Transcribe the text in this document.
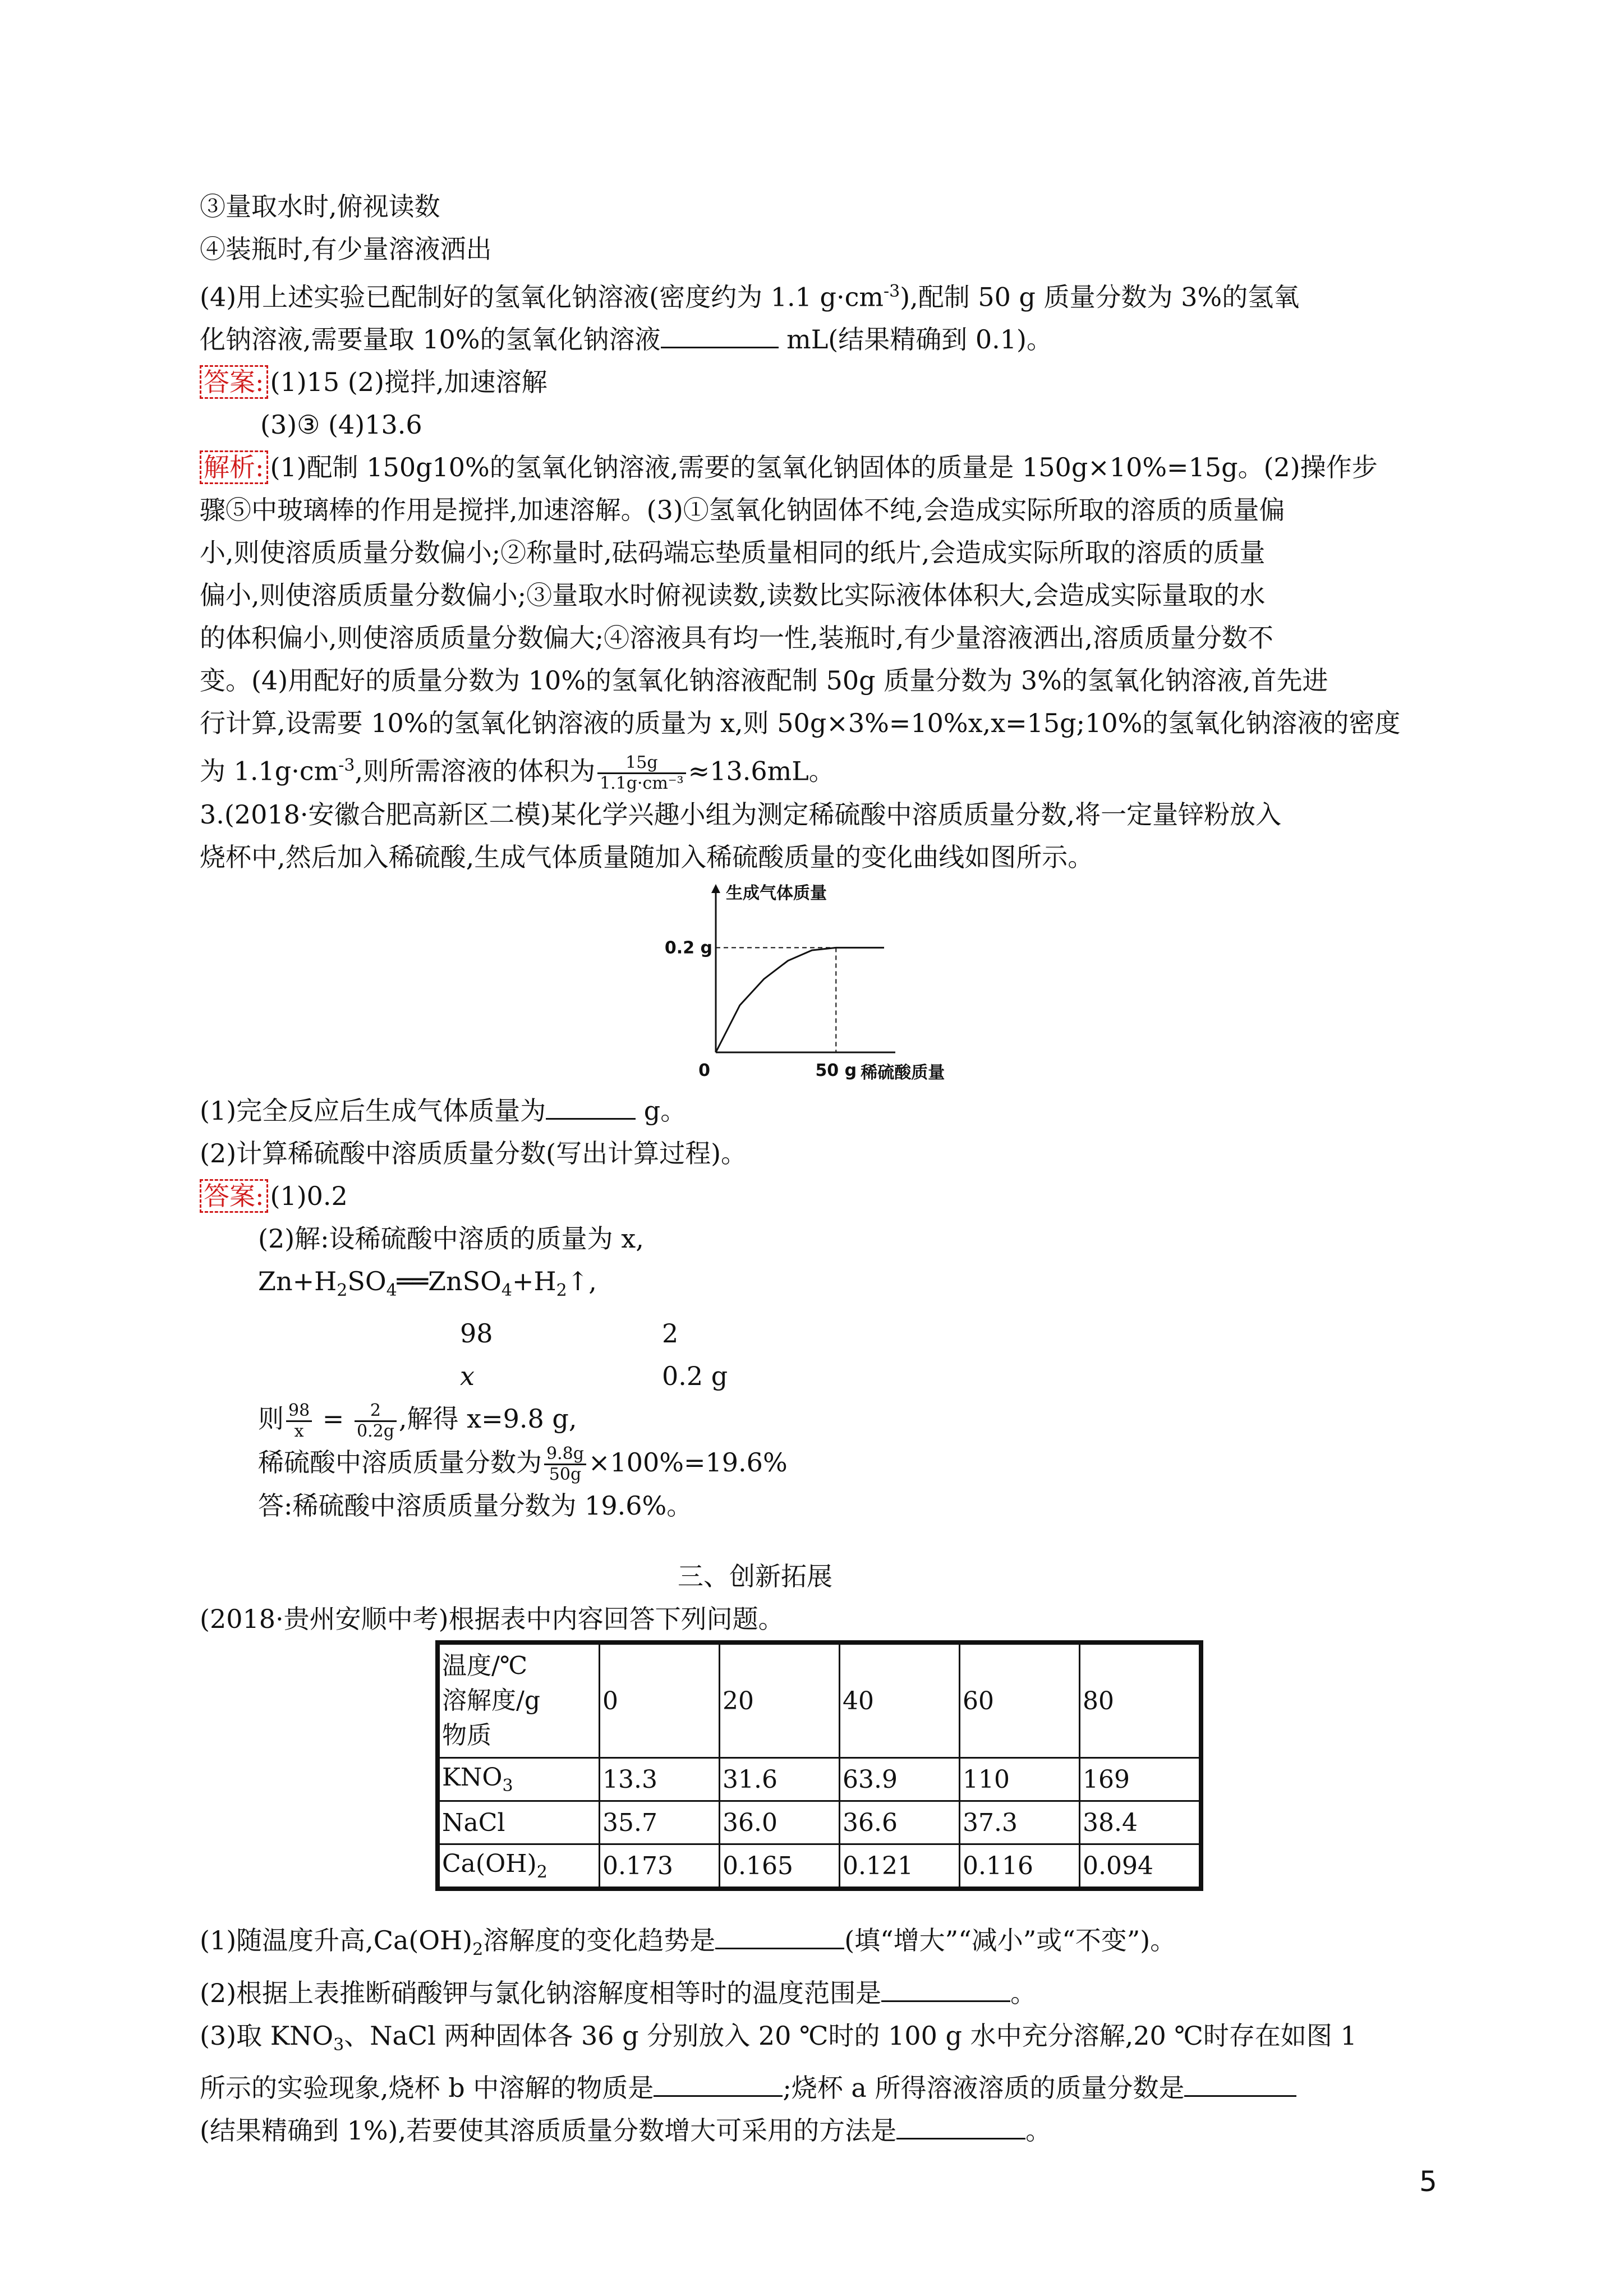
③量取水时,俯视读数
④装瓶时,有少量溶液洒出
(4)用上述实验已配制好的氢氧化钠溶液(密度约为 1.1 $g\cdot cm^{-3}$),配制 50 g 质量分数为 3%的氢氧
化钠溶液,需要量取 10%的氢氧化钠溶液	mL(结果精确到 0.1)。
答案: (1)15 (2)搅拌,加速溶解
(3)③ (4)13.6
解析: (1)配制 150g10%的氢氧化钠溶液,需要的氢氧化钠固体的质量是 150g×10%=15g。(2)操作步
骤⑤中玻璃棒的作用是搅拌,加速溶解。(3)①氢氧化钠固体不纯,会造成实际所取的溶质的质量偏
小,则使溶质质量分数偏小;②称量时,砝码端忘垫质量相同的纸片,会造成实际所取的溶质的质量
偏小,则使溶质质量分数偏小;③量取水时俯视读数,读数比实际液体体积大,会造成实际量取的水
的体积偏小,则使溶质质量分数偏大;④溶液具有均一性,装瓶时,有少量溶液洒出,溶质质量分数不
变。(4)用配好的质量分数为 10%的氢氧化钠溶液配制 50g 质量分数为 3%的氢氧化钠溶液,首先进
行计算,设需要 10%的氢氧化钠溶液的质量为 x,则 50g×3%=10%x,x=15g;10%的氢氧化钠溶液的密度
为 $1.1g\cdot cm^{-3}$,则所需溶液的体积为 $\frac{15g}{\text{1.1g·cm⁻³}} \approx 13.6mL$。
3.(2018·安徽合肥高新区二模)某化学兴趣小组为测定稀硫酸中溶质质量分数,将一定量锌粉放入
烧杯中,然后加入稀硫酸,生成气体质量随加入稀硫酸质量的变化曲线如图所示。
0.2 g
50 g
0
生成气体质量
稀硫酸质量
(1)完全反应后生成气体质量为	g。
(2)计算稀硫酸中溶质质量分数(写出计算过程)。
答案: (1)0.2
(2)解:设稀硫酸中溶质的质量为 x,
$Zn+H_2SO_4══ZnSO_4+H_2↑$,
98	2
x	0.2 g
则 $\frac{98}{x} = \frac{2}{0.2g}$ ,解得 x=9.8 g,
稀硫酸中溶质质量分数为 $\frac{9.8g}{50g} \times 100\%=19.6\%$
答:稀硫酸中溶质质量分数为 19.6%。
三、创新拓展
(2018·贵州安顺中考)根据表中内容回答下列问题。
温度/℃
溶解度/g
物质	0	20	40	60	80
$KNO_3$	13.3	31.6	63.9	110	169
NaCl	35.7	36.0	36.6	37.3	38.4
$Ca(OH)_2$	0.173	0.165	0.121	0.116	0.094
(1)随温度升高$,Ca(OH)_2$溶解度的变化趋势是	(填“增大”“减小”或“不变”)。
(2)根据上表推断硝酸钾与氯化钠溶解度相等时的温度范围是	。
(3)取 $KNO_3$、NaCl 两种固体各 36 g 分别放入 20 ℃时的 100 g 水中充分溶解,20 ℃时存在如图 1
所示的实验现象,烧杯 b 中溶解的物质是	;烧杯 a 所得溶液溶质的质量分数是
(结果精确到 1%),若要使其溶质质量分数增大可采用的方法是	。
5
